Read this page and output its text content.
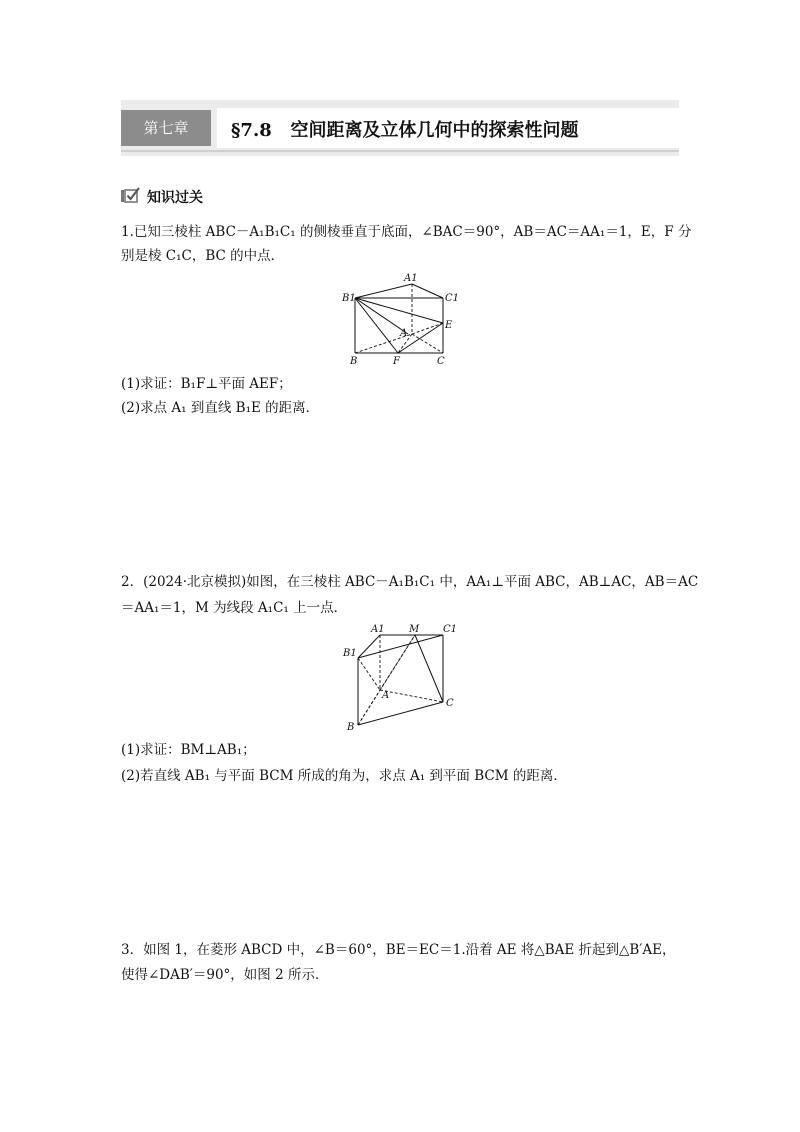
第七章	§7.8 空间距离及立体几何中的探索性问题
知识过关
1.已知三棱柱 ABC－A₁B₁C₁ 的侧棱垂直于底面，∠BAC＝90°，AB＝AC＝AA₁＝1，E，F 分
别是棱 C₁C，BC 的中点．
A1
B1	C1
A
E
B	F	C
(1)求证：B₁F⊥平面 AEF；
(2)求点 A₁ 到直线 B₁E 的距离．
2．(2024·北京模拟)如图，在三棱柱 ABC－A₁B₁C₁ 中，AA₁⊥平面 ABC，AB⊥AC，AB＝AC
＝AA₁＝1，M 为线段 A₁C₁ 上一点．
A1 M C1
B1
A
C
B
(1)求证：BM⊥AB₁；
(2)若直线 AB₁ 与平面 BCM 所成的角为，求点 A₁ 到平面 BCM 的距离．
3．如图 1，在菱形 ABCD 中，∠B＝60°，BE＝EC＝1.沿着 AE 将△BAE 折起到△B′AE，
使得∠DAB′＝90°，如图 2 所示．
